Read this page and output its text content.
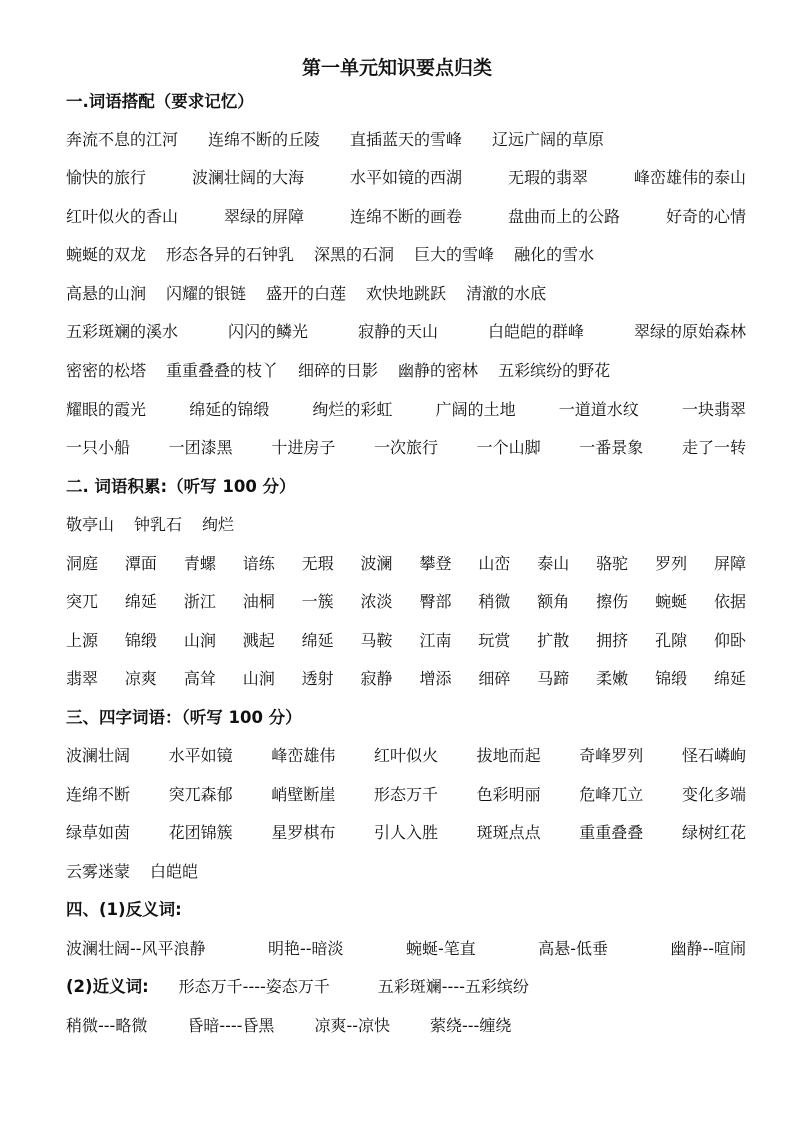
第一单元知识要点归类
一.词语搭配（要求记忆）
奔流不息的江河 连绵不断的丘陵 直插蓝天的雪峰 辽远广阔的草原
愉快的旅行	波澜壮阔的大海	水平如镜的西湖	无瑕的翡翠	峰峦雄伟的泰山
红叶似火的香山	翠绿的屏障	连绵不断的画卷	盘曲而上的公路	好奇的心情
蜿蜒的双龙 形态各异的石钟乳 深黑的石洞 巨大的雪峰 融化的雪水
高悬的山涧 闪耀的银链 盛开的白莲 欢快地跳跃 清澈的水底
五彩斑斓的溪水	闪闪的鳞光	寂静的天山	白皑皑的群峰	翠绿的原始森林
密密的松塔 重重叠叠的枝丫 细碎的日影 幽静的密林 五彩缤纷的野花
耀眼的霞光	绵延的锦缎	绚烂的彩虹	广阔的土地	一道道水纹	一块翡翠
一只小船 一团漆黑 十进房子 一次旅行 一个山脚 一番景象 走了一转
二. 词语积累:（听写 100 分）
敬亭山 钟乳石 绚烂
洞庭 潭面 青螺 谙练 无瑕 波澜 攀登 山峦 泰山 骆驼 罗列 屏障
突兀 绵延 浙江 油桐 一簇 浓淡 臀部 稍微 额角 擦伤 蜿蜒 依据
上源 锦缎 山涧 溅起 绵延 马鞍 江南 玩赏 扩散 拥挤 孔隙 仰卧
翡翠 凉爽 高耸 山涧 透射 寂静 增添 细碎 马蹄 柔嫩 锦缎 绵延
三、四字词语：（听写 100 分）
波澜壮阔 水平如镜 峰峦雄伟 红叶似火 拔地而起 奇峰罗列 怪石嶙峋
连绵不断 突兀森郁 峭壁断崖 形态万千 色彩明丽 危峰兀立 变化多端
绿草如茵 花团锦簇 星罗棋布 引人入胜 斑斑点点 重重叠叠 绿树红花
云雾迷蒙 白皑皑
四、(1)反义词:
波澜壮阔--风平浪静	明艳--暗淡	蜿蜒-笔直	高悬-低垂	幽静--喧闹
(2)近义词: 形态万千----姿态万千	五彩斑斓----五彩缤纷
稍微---略微	昏暗----昏黑	凉爽--凉快	萦绕---缠绕
